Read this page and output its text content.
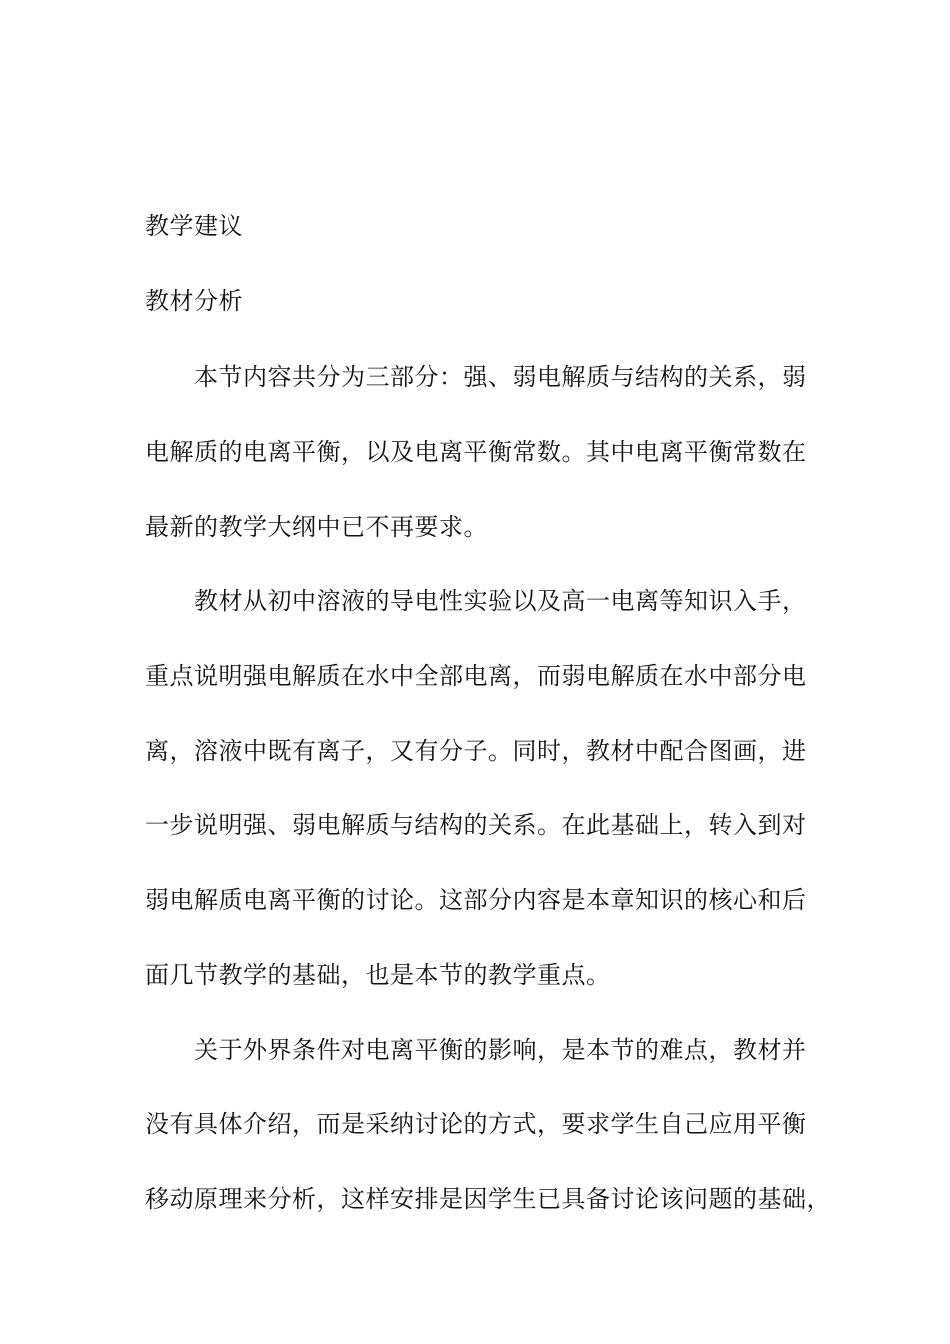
教学建议
教材分析
　　本节内容共分为三部分：强、弱电解质与结构的关系，弱
电解质的电离平衡，以及电离平衡常数。其中电离平衡常数在
最新的教学大纲中已不再要求。
　　教材从初中溶液的导电性实验以及高一电离等知识入手，
重点说明强电解质在水中全部电离，而弱电解质在水中部分电
离，溶液中既有离子，又有分子。同时，教材中配合图画，进
一步说明强、弱电解质与结构的关系。在此基础上，转入到对
弱电解质电离平衡的讨论。这部分内容是本章知识的核心和后
面几节教学的基础，也是本节的教学重点。
　　关于外界条件对电离平衡的影响，是本节的难点，教材并
没有具体介绍，而是采纳讨论的方式，要求学生自己应用平衡
移动原理来分析，这样安排是因学生已具备讨论该问题的基础，
